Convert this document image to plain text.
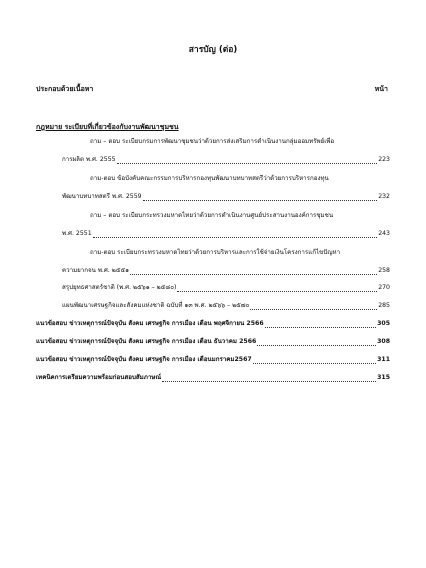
สารบัญ (ต่อ)
ประกอบด้วยเนื้อหา	หน้า
กฎหมาย ระเบียบที่เกี่ยวข้องกับงานพัฒนาชุมชน
ถาม – ตอบ ระเบียบกรมการพัฒนาชุมชนว่าด้วยการส่งเสริมการดำเนินงานกลุ่มออมทรัพย์เพื่อ
การผลิต พ.ศ. 2555	223
ถาม-ตอบ ข้อบังคับคณะกรรมการบริหารกองทุนพัฒนาบทบาทสตรีว่าด้วยการบริหารกองทุน
พัฒนาบทบาทสตรี พ.ศ. 2559	232
ถาม – ตอบ ระเบียบกระทรวงมหาดไทยว่าด้วยการดำเนินงานศูนย์ประสานงานองค์การชุมชน
พ.ศ. 2551	243
ถาม-ตอบ ระเบียบกระทรวงมหาดไทยว่าด้วยการบริหารและการใช้จ่ายเงินโครงการแก้ไขปัญหา
ความยากจน พ.ศ. ๒๕๕๑	258
สรุปยุทธศาสตร์ชาติ (พ.ศ. ๒๕๖๑ – ๒๕๘๐)	270
แผนพัฒนาเศรษฐกิจและสังคมแห่งชาติ ฉบับที่ ๑๓ พ.ศ. ๒๕๖๖ – ๒๕๗๐	285
แนวข้อสอบ ข่าวเหตุการณ์ปัจจุบัน สังคม เศรษฐกิจ การเมือง เดือน พฤศจิกายน 2566	305
แนวข้อสอบ ข่าวเหตุการณ์ปัจจุบัน สังคม เศรษฐกิจ การเมือง เดือน ธันวาคม 2566	308
แนวข้อสอบ ข่าวเหตุการณ์ปัจจุบัน สังคม เศรษฐกิจ การเมือง เดือนมกราคม2567	311
เทคนิคการเตรียมความพร้อมก่อนสอบสัมภาษณ์	315
